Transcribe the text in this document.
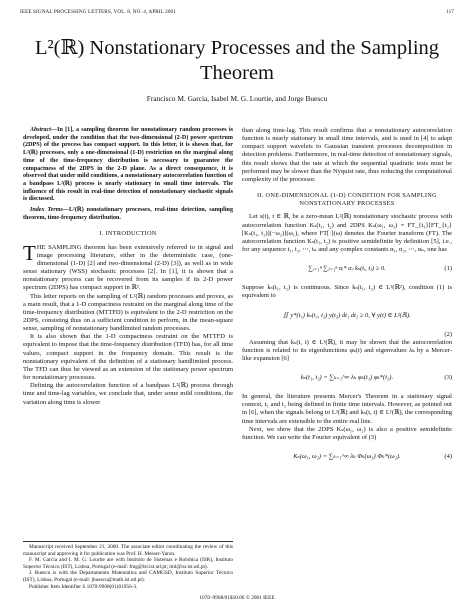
IEEE SIGNAL PROCESSING LETTERS, VOL. 8, NO. 4, APRIL 2001	117
L²(ℝ) Nonstationary Processes and the Sampling
Theorem
Francisco M. Garcia, Isabel M. G. Lourtie, and Jorge Buescu

Abstract—In [1], a sampling theorem for nonstationary random processes is developed, under the condition that the two-dimensional (2-D) power spectrum (2DPS) of the process has compact support. In this letter, it is shown that, for L²(ℝ) processes, only a one-dimensional (1-D) restriction on the marginal along time of the time-frequency distribution is necessary to guarantee the compactness of the 2DPS in the 2-D plane. As a direct consequence, it is observed that under mild conditions, a nonstationary autocorrelation function of a bandpass L²(ℝ) process is nearly stationary in small time intervals. The influence of this result in real-time detection of nonstationary stochastic signals is discussed.

Index Terms—L²(ℝ) nonstationary processes, real-time detection, sampling theorem, time-frequency distribution.

I. INTRODUCTION

THE SAMPLING theorem has been extensively referred to in signal and image processing literature, either in the deterministic case, (one-dimensional (1-D) [2] and two-dimensional (2-D) [3]), as well as in wide sense stationary (WSS) stochastic processes [2]. In [1], it is shown that a nonstationary process can be recovered from its samples if its 2-D power spectrum (2DPS) has compact support in ℝ².

This letter reports on the sampling of L²(ℝ) random processes and proves, as a main result, that a 1-D compactness restraint on the marginal along time of the time-frequency distribution (MTTFD) is equivalent to the 2-D restriction on the 2DPS, consisting thus on a sufficient condition to perform, in the mean-square sense, sampling of nonstationary bandlimited random processes.

It is also shown that the 1-D compactness restraint on the MTTFD is equivalent to impose that the time-frequency distribution (TFD) has, for all time values, compact support in the frequency domain. This result is the nonstationary equivalent of the definition of a stationary bandlimited process. The TFD can thus be viewed as an extension of the stationary power spectrum for nonstationary processes.

Defining the autocorrelation function of a bandpass L²(ℝ) process through time and time-lag variables, we conclude that, under some mild conditions, the variation along time is slower

than along time-lag. This result confirms that a nonstationary autocorrelation function is nearly stationary in small time intervals, and is used in [4] to adapt compact support wavelets to Gaussian transient processes decomposition in detection problems. Furthermore, in real-time detection of nonstationary signals, this result shows that the rate at which the sequential quadratic tests must be performed may be slower than the Nyquist rate, thus reducing the computational complexity of the processor.

II. ONE-DIMENSIONAL (1-D) CONDITION FOR SAMPLING
NONSTATIONARY PROCESSES

Let s(t), t ∈ ℝ, be a zero-mean L²(ℝ) nonstationary stochastic process with autocorrelation function Kₛ(t₁, t₂) and 2DPS Kₛ(ω₁, ω₂) = FT_{t₁}[FT_{t₂}[Kₛ(t₁, t₂)](−ω₂)](ω₁), where FT[·](ω) denotes the Fourier transform (FT). The autocorrelation function Kₛ(t₁, t₂) is positive semidefinite by definition [5], i.e., for any sequence t₁, t₂, ⋯, tₙ and any complex constants α₁, α₂, ⋯, αₙ, one has

∑ᵢ₌₁ⁿ ∑ⱼ₌₁ⁿ αᵢ* αⱼ kₛ(tᵢ, tⱼ) ≥ 0.	(1)

Suppose kₛ(t₁, t₂) is continuous. Since kₛ(t₁, t₂) ∈ L²(ℝ²), condition (1) is equivalent to

∬ y*(t₁) kₛ(t₁, t₂) y(t₂) dt₁ dt₂ ≥ 0, ∀ y(t) ∈ L²(ℝ).

(2)

Assuming that kₛ(t, t) ∈ L¹(ℝ), it may be shown that the autocorrelation function is related to its eigenfunctions φₖ(t) and eigenvalues λₖ by a Mercer-like expansion [6]

kₛ(t₁, t₂) = ∑ₖ₌₁^∞ λₖ φₖ(t₁) φₖ*(t₂).	(3)

In general, the literature presents Mercer's Theorem in a stationary signal context, t₁ and t₂ being defined in finite time intervals. However, as pointed out in [6], when the signals belong to L²(ℝ) and kₛ(t, t) ∈ L¹(ℝ), the corresponding time intervals are extensible to the entire real line.

Next, we show that the 2DPS Kₛ(ω₁, ω₂) is also a positive semidefinite function. We can write the Fourier equivalent of (3)

Kₛ(ω₁, ω₂) = ∑ₖ₌₁^∞ λₖ Φₖ(ω₁) Φₖ*(ω₂).	(4)

Manuscript received September 21, 2000. The associate editor coordinating the review of this manuscript and approving it for publication was Prof. H. Messer-Yaron.

F. M. Garcia and I. M. G. Lourtie are with Instituto de Sistemas e Robótica (ISR), Instituto Superior Técnico (IST), Lisboa, Portugal (e-mail: fmg@isr.ist.utl.pt; iml@isr.ist.utl.pt).

J. Buescu is with the Departamento Matemática and CAMGSD, Instituto Superior Técnico (IST), Lisboa, Portugal (e-mail: jbuescu@math.ist.utl.pt).

Publisher Item Identifier S 1070-9908(01)01956-3.

1070–9908/01$10.00 © 2001 IEEE
